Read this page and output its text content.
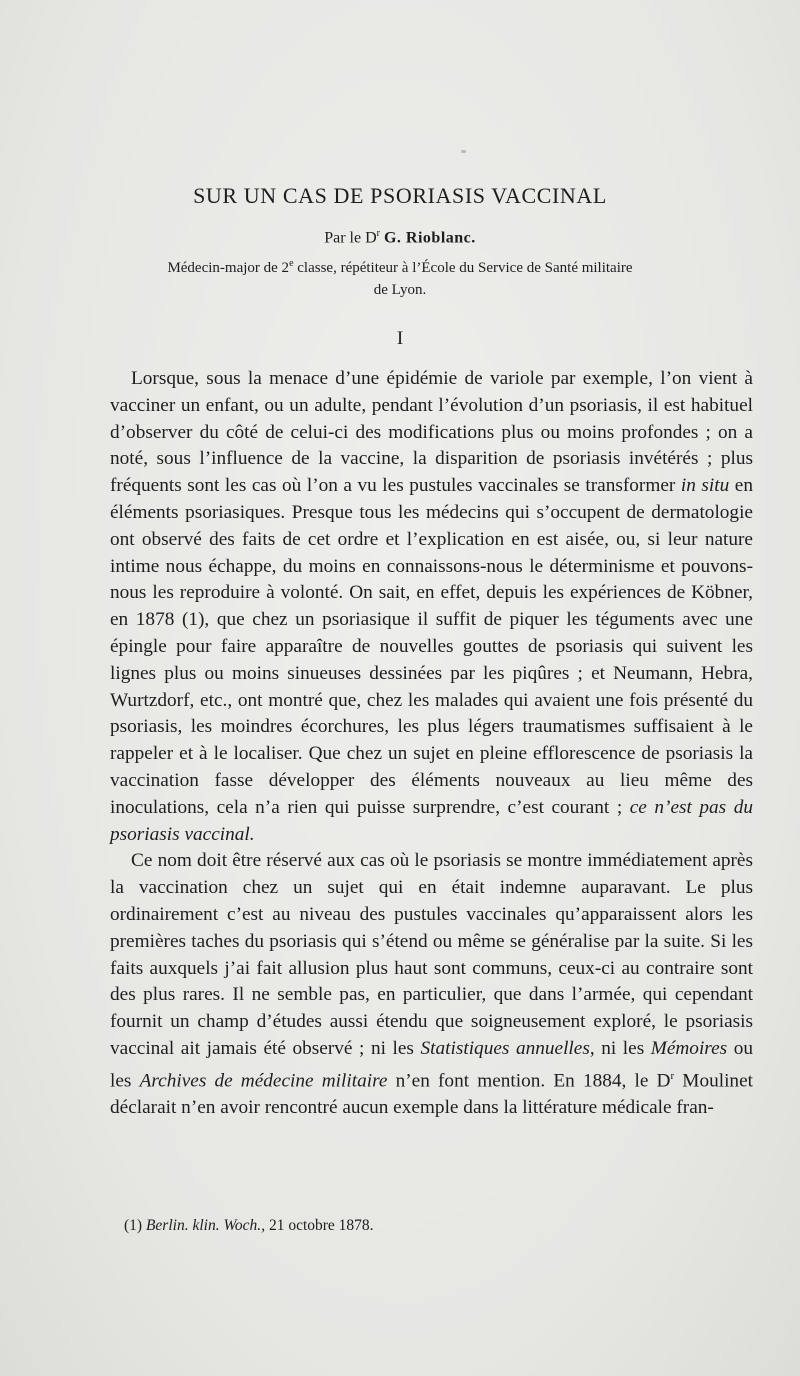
SUR UN CAS DE PSORIASIS VACCINAL
Par le $D^r$ G. Rioblanc.
Médecin-major de 2e classe, répétiteur à l’École du Service de Santé militaire
de Lyon.
I

Lorsque, sous la menace d’une épidémie de variole par exemple, l’on vient à vacciner un enfant, ou un adulte, pendant l’évolution d’un psoriasis, il est habituel d’observer du côté de celui-ci des modifications plus ou moins profondes ; on a noté, sous l’influence de la vaccine, la disparition de psoriasis invétérés ; plus fréquents sont les cas où l’on a vu les pustules vaccinales se transformer in situ en éléments psoriasiques. Presque tous les médecins qui s’occupent de dermatologie ont observé des faits de cet ordre et l’explication en est aisée, ou, si leur nature intime nous échappe, du moins en connaissons-nous le déterminisme et pouvons-nous les reproduire à volonté. On sait, en effet, depuis les expériences de Köbner, en 1878 (1), que chez un psoriasique il suffit de piquer les téguments avec une épingle pour faire apparaître de nouvelles gouttes de psoriasis qui suivent les lignes plus ou moins sinueuses dessinées par les piqûres ; et Neumann, Hebra, Wurtzdorf, etc., ont montré que, chez les malades qui avaient une fois présenté du psoriasis, les moindres écorchures, les plus légers traumatismes suffisaient à le rappeler et à le localiser. Que chez un sujet en pleine efflorescence de psoriasis la vaccination fasse développer des éléments nouveaux au lieu même des inoculations, cela n’a rien qui puisse surprendre, c’est courant ; ce n’est pas du psoriasis vaccinal.

Ce nom doit être réservé aux cas où le psoriasis se montre immédiatement après la vaccination chez un sujet qui en était indemne auparavant. Le plus ordinairement c’est au niveau des pustules vaccinales qu’apparaissent alors les premières taches du psoriasis qui s’étend ou même se généralise par la suite. Si les faits auxquels j’ai fait allusion plus haut sont communs, ceux-ci au contraire sont des plus rares. Il ne semble pas, en particulier, que dans l’armée, qui cependant fournit un champ d’études aussi étendu que soigneusement exploré, le psoriasis vaccinal ait jamais été observé ; ni les Statistiques annuelles, ni les Mémoires ou les Archives de médecine militaire n’en font mention. En 1884, le $D^r$ Moulinet déclarait n’en avoir rencontré aucun exemple dans la littérature médicale fran-

(1) Berlin. klin. Woch., 21 octobre 1878.
